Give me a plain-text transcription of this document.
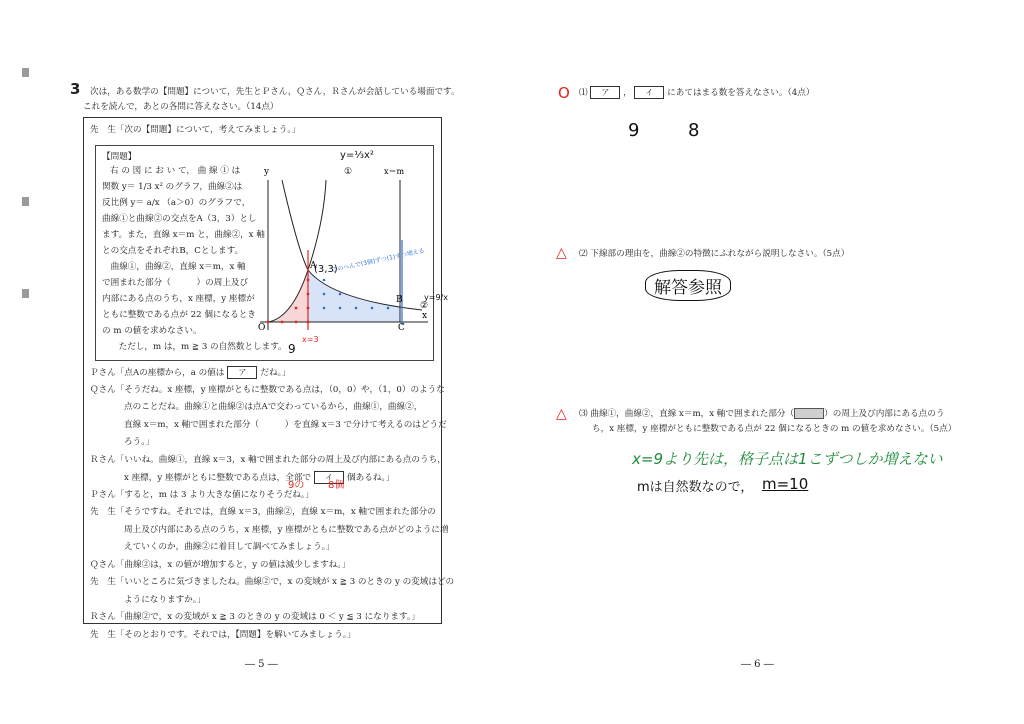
3 次は，ある数学の【問題】について，先生とＰさん，Ｑさん，Ｒさんが会話している場面です。
これを読んで，あとの各問に答えなさい。（14点）
先　生「次の【問題】について，考えてみましょう。」
【問題】
右 の 図 に お い て， 曲 線 ① は
関数 y＝ 1/3 x² のグラフ，曲線②は
反比例 y＝ a/x （a＞0）のグラフで，
曲線①と曲線②の交点をA（3，3）とし
ます。また，直線 x＝m と，曲線②，x 軸
との交点をそれぞれB，Cとします。
　曲線①，曲線②，直線 x＝m，x 軸
で囲まれた部分（　　　）の周上及び
内部にある点のうち，x 座標，y 座標が
ともに整数である点が 22 個になるとき
の m の値を求めなさい。
　ただし，m は，m ≧ 3 の自然数とします。
y	①	x＝m
A
B
C
O
x
②
y=⅓x²
(3,3)
このへんで(3個)ずつ(1)ずつ増える
x=3
y=9/x
Ｐさん「点Aの座標から，a の値は ア だね。」
Ｑさん「そうだね。x 座標，y 座標がともに整数である点は，（0，0）や，（1，0）のような
点のことだね。曲線①と曲線②は点Aで交わっているから，曲線①，曲線②，
直線 x＝m，x 軸で囲まれた部分（　　　）を直線 x＝3 で分けて考えるのはどうだ
ろう。」
Ｒさん「いいね。曲線①，直線 x＝3，x 軸で囲まれた部分の周上及び内部にある点のうち，
x 座標，y 座標がともに整数である点は，全部で イ 個あるね。」
Ｐさん「すると，m は 3 より大きな値になりそうだね。」
先　生「そうですね。それでは，直線 x＝3，曲線②，直線 x＝m，x 軸で囲まれた部分の
周上及び内部にある点のうち，x 座標，y 座標がともに整数である点がどのように増
えていくのか，曲線②に着目して調べてみましょう。」
Ｑさん「曲線②は，x の値が増加すると，y の値は減少しますね。」
先　生「いいところに気づきましたね。曲線②で，x の変域が x ≧ 3 のときの y の変域はどの
ようになりますか。」
Ｒさん「曲線②で，x の変域が x ≧ 3 のときの y の変域は 0 ＜ y ≦ 3 になります。」
先　生「そのとおりです。それでは，【問題】を解いてみましょう。」
9
9の 8個
― 5 ―
O ⑴ ア ， イ にあてはまる数を答えなさい。（4点）
9	8
△ ⑵ 下線部の理由を，曲線②の特徴にふれながら説明しなさい。（5点）
解答参照
△ ⑶ 曲線①，曲線②，直線 x＝m，x 軸で囲まれた部分（	）の周上及び内部にある点のう
ち，x 座標，y 座標がともに整数である点が 22 個になるときの m の値を求めなさい。（5点）
x=9より先は，格子点は1こずつしか増えない
mは自然数なので， m=10
― 6 ―
